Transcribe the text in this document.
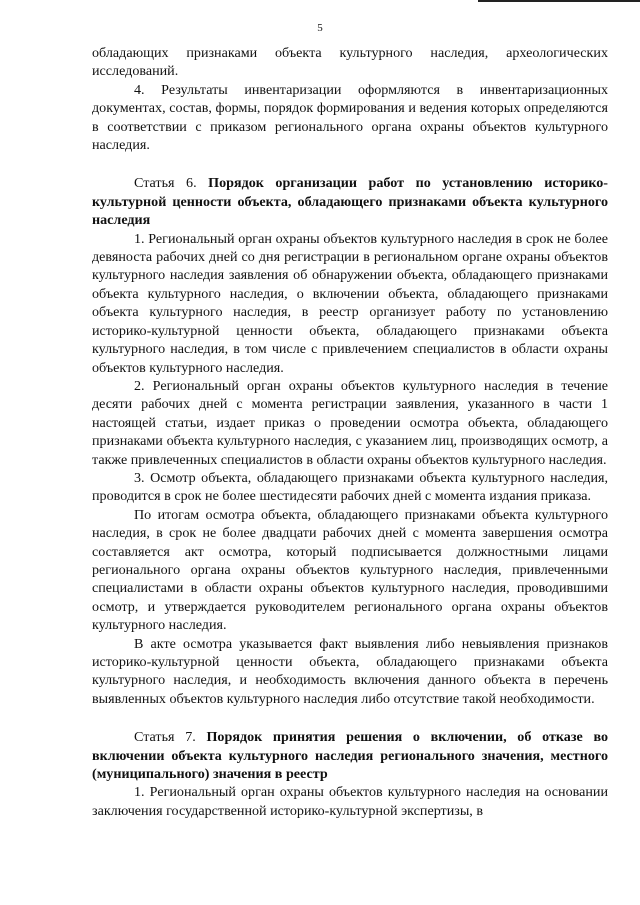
5

обладающих признаками объекта культурного наследия, археологических исследований.

4. Результаты инвентаризации оформляются в инвентаризационных документах, состав, формы, порядок формирования и ведения которых определяются в соответствии с приказом регионального органа охраны объектов культурного наследия.

Статья 6. Порядок организации работ по установлению историко-культурной ценности объекта, обладающего признаками объекта культурного наследия

1. Региональный орган охраны объектов культурного наследия в срок не более девяноста рабочих дней со дня регистрации в региональном органе охраны объектов культурного наследия заявления об обнаружении объекта, обладающего признаками объекта культурного наследия, о включении объекта, обладающего признаками объекта культурного наследия, в реестр организует работу по установлению историко-культурной ценности объекта, обладающего признаками объекта культурного наследия, в том числе с привлечением специалистов в области охраны объектов культурного наследия.

2. Региональный орган охраны объектов культурного наследия в течение десяти рабочих дней с момента регистрации заявления, указанного в части 1 настоящей статьи, издает приказ о проведении осмотра объекта, обладающего признаками объекта культурного наследия, с указанием лиц, производящих осмотр, а также привлеченных специалистов в области охраны объектов культурного наследия.

3. Осмотр объекта, обладающего признаками объекта культурного наследия, проводится в срок не более шестидесяти рабочих дней с момента издания приказа.

По итогам осмотра объекта, обладающего признаками объекта культурного наследия, в срок не более двадцати рабочих дней с момента завершения осмотра составляется акт осмотра, который подписывается должностными лицами регионального органа охраны объектов культурного наследия, привлеченными специалистами в области охраны объектов культурного наследия, проводившими осмотр, и утверждается руководителем регионального органа охраны объектов культурного наследия.

В акте осмотра указывается факт выявления либо невыявления признаков историко-культурной ценности объекта, обладающего признаками объекта культурного наследия, и необходимость включения данного объекта в перечень выявленных объектов культурного наследия либо отсутствие такой необходимости.

Статья 7. Порядок принятия решения о включении, об отказе во включении объекта культурного наследия регионального значения, местного (муниципального) значения в реестр

1. Региональный орган охраны объектов культурного наследия на основании заключения государственной историко-культурной экспертизы, в
